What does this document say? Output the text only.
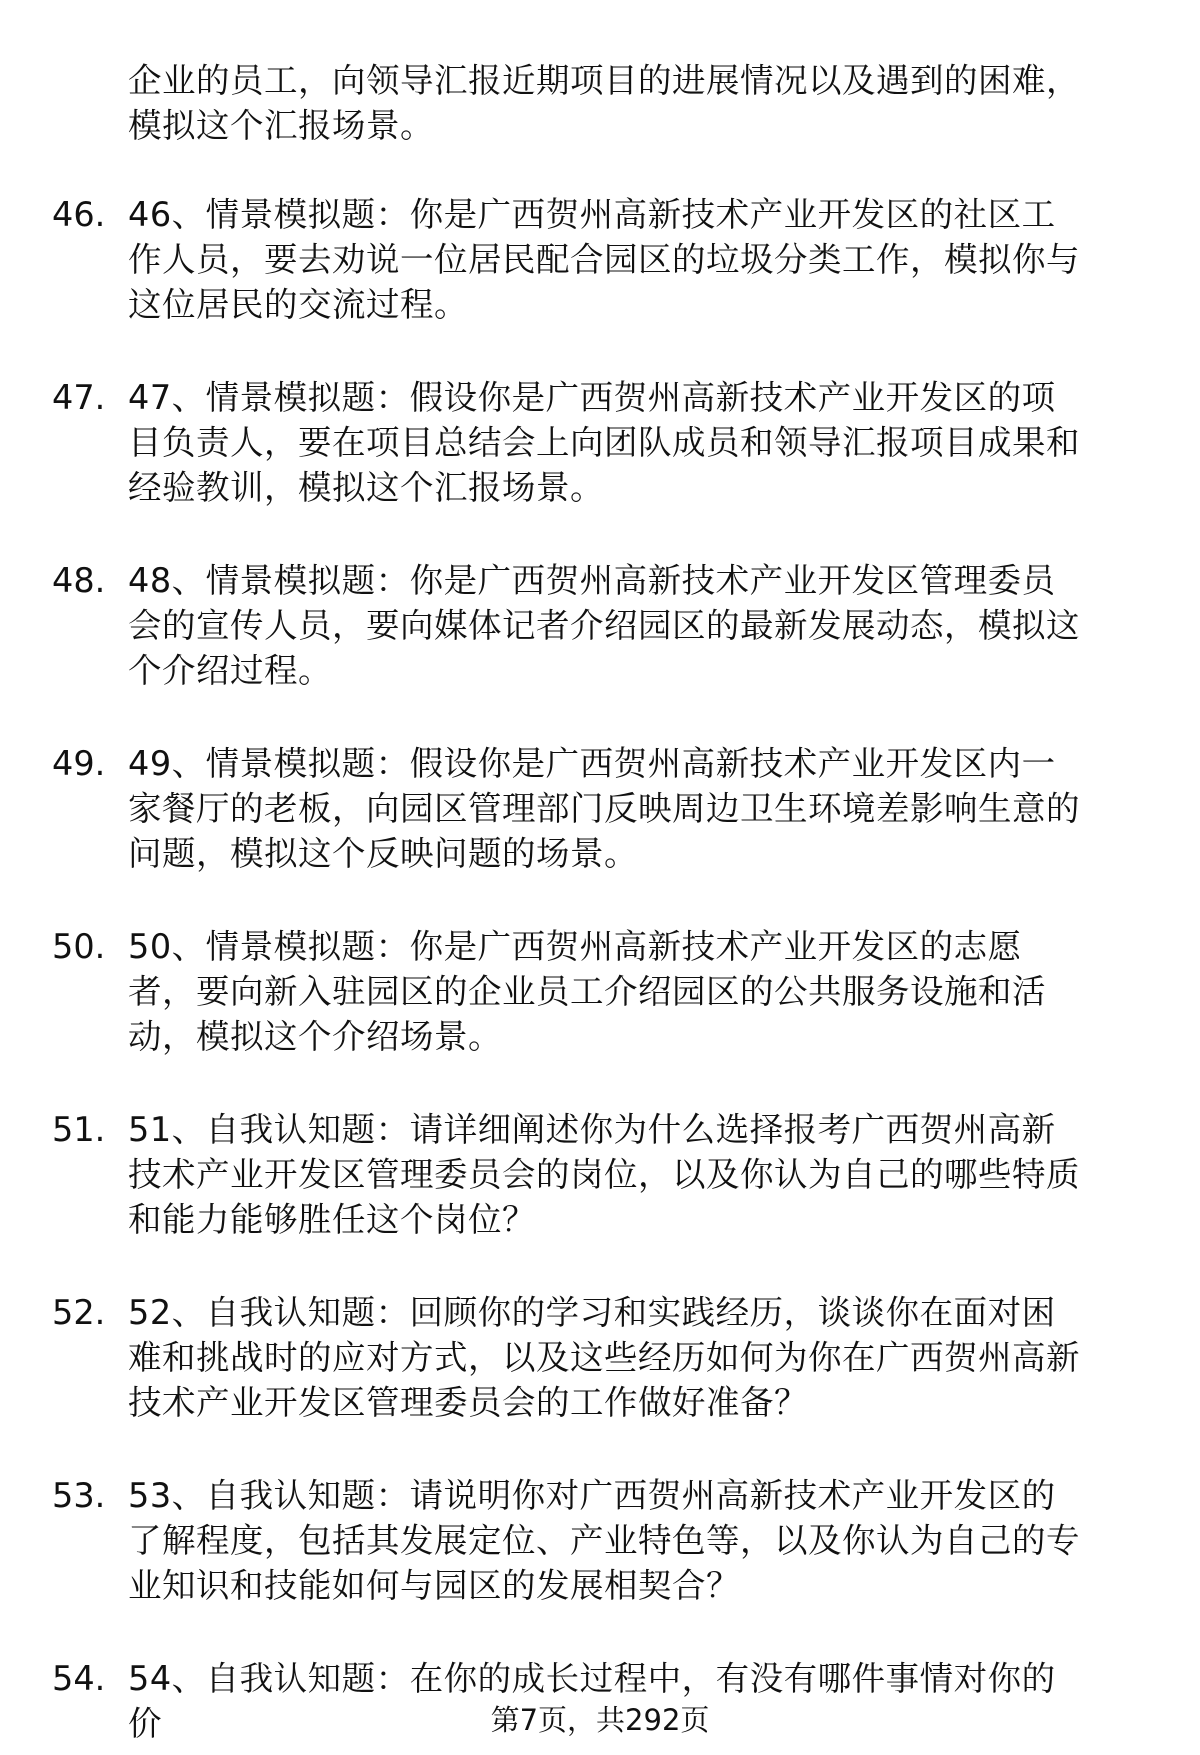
企业的员工，向领导汇报近期项目的进展情况以及遇到的困难，模拟这个汇报场景。
46. 46、情景模拟题：你是广西贺州高新技术产业开发区的社区工作人员，要去劝说一位居民配合园区的垃圾分类工作，模拟你与这位居民的交流过程。
47. 47、情景模拟题：假设你是广西贺州高新技术产业开发区的项目负责人，要在项目总结会上向团队成员和领导汇报项目成果和经验教训，模拟这个汇报场景。
48. 48、情景模拟题：你是广西贺州高新技术产业开发区管理委员会的宣传人员，要向媒体记者介绍园区的最新发展动态，模拟这个介绍过程。
49. 49、情景模拟题：假设你是广西贺州高新技术产业开发区内一家餐厅的老板，向园区管理部门反映周边卫生环境差影响生意的问题，模拟这个反映问题的场景。
50. 50、情景模拟题：你是广西贺州高新技术产业开发区的志愿者，要向新入驻园区的企业员工介绍园区的公共服务设施和活动，模拟这个介绍场景。
51. 51、自我认知题：请详细阐述你为什么选择报考广西贺州高新技术产业开发区管理委员会的岗位，以及你认为自己的哪些特质和能力能够胜任这个岗位？
52. 52、自我认知题：回顾你的学习和实践经历，谈谈你在面对困难和挑战时的应对方式，以及这些经历如何为你在广西贺州高新技术产业开发区管理委员会的工作做好准备？
53. 53、自我认知题：请说明你对广西贺州高新技术产业开发区的了解程度，包括其发展定位、产业特色等，以及你认为自己的专业知识和技能如何与园区的发展相契合？
54. 54、自我认知题：在你的成长过程中，有没有哪件事情对你的价	第7页，共292页
